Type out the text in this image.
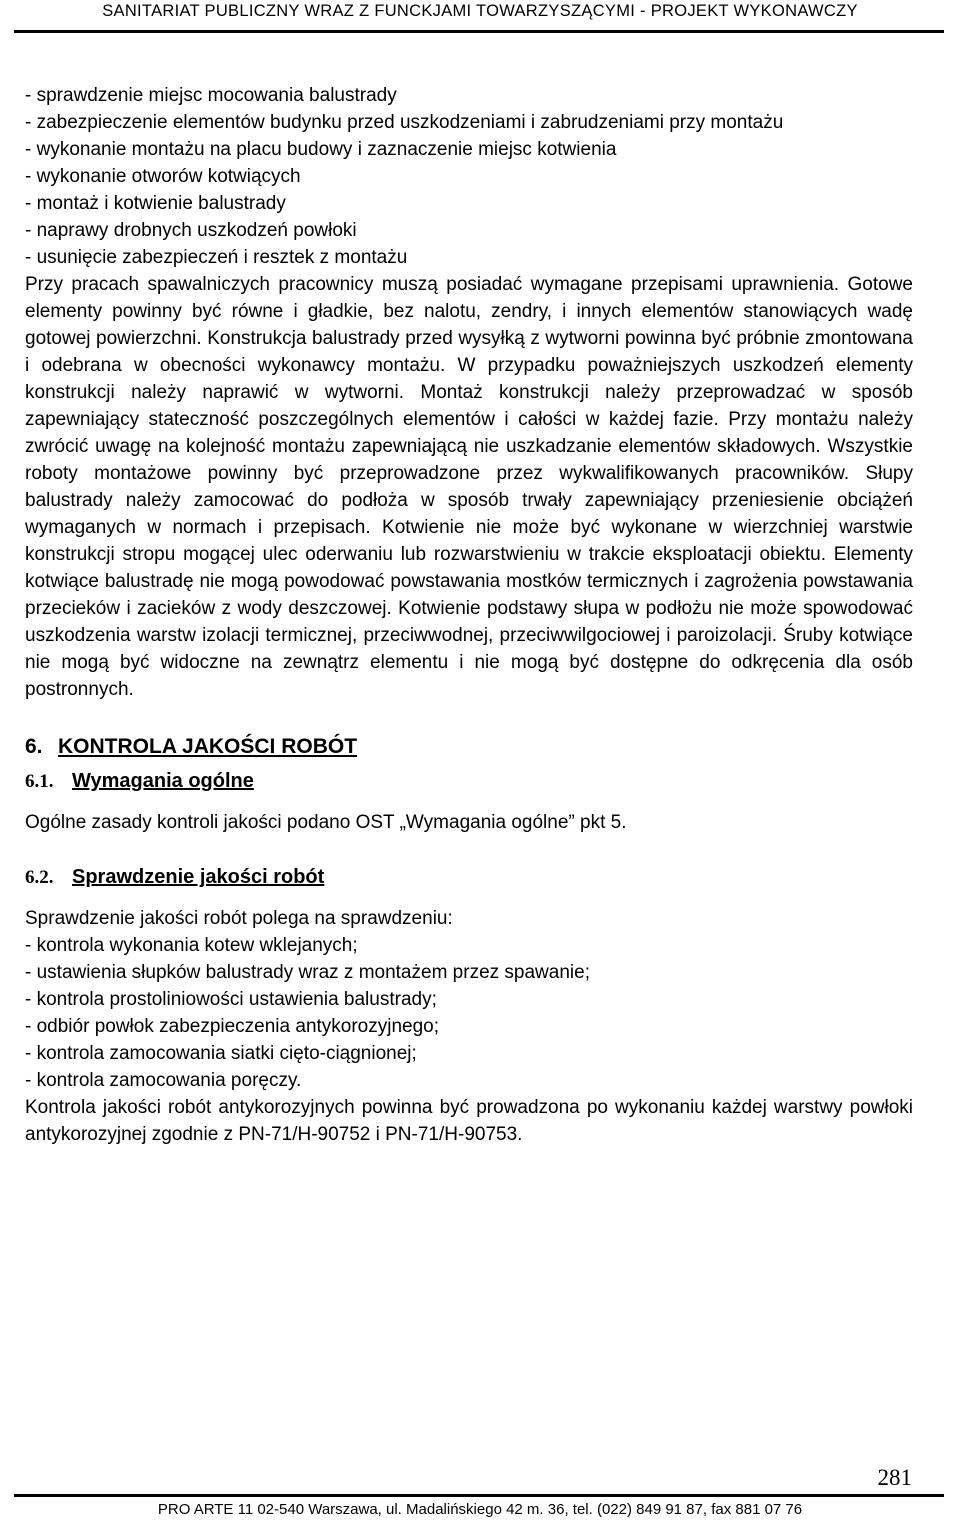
SANITARIAT PUBLICZNY WRAZ Z FUNCKJAMI TOWARZYSZĄCYMI - PROJEKT WYKONAWCZY

- sprawdzenie miejsc mocowania balustrady

- zabezpieczenie elementów budynku przed uszkodzeniami i zabrudzeniami przy montażu

- wykonanie montażu na placu budowy i zaznaczenie miejsc kotwienia

- wykonanie otworów kotwiących

- montaż i kotwienie balustrady

- naprawy drobnych uszkodzeń powłoki

- usunięcie zabezpieczeń i resztek z montażu

Przy pracach spawalniczych pracownicy muszą posiadać wymagane przepisami uprawnienia. Gotowe elementy powinny być równe i gładkie, bez nalotu, zendry, i innych elementów stanowiących wadę gotowej powierzchni. Konstrukcja balustrady przed wysyłką z wytworni powinna być próbnie zmontowana i odebrana w obecności wykonawcy montażu. W przypadku poważniejszych uszkodzeń elementy konstrukcji należy naprawić w wytworni. Montaż konstrukcji należy przeprowadzać w sposób zapewniający stateczność poszczególnych elementów i całości w każdej fazie. Przy montażu należy zwrócić uwagę na kolejność montażu zapewniającą nie uszkadzanie elementów składowych. Wszystkie roboty montażowe powinny być przeprowadzone przez wykwalifikowanych pracowników. Słupy balustrady należy zamocować do podłoża w sposób trwały zapewniający przeniesienie obciążeń wymaganych w normach i przepisach. Kotwienie nie może być wykonane w wierzchniej warstwie konstrukcji stropu mogącej ulec oderwaniu lub rozwarstwieniu w trakcie eksploatacji obiektu. Elementy kotwiące balustradę nie mogą powodować powstawania mostków termicznych i zagrożenia powstawania przecieków i zacieków z wody deszczowej. Kotwienie podstawy słupa w podłożu nie może spowodować uszkodzenia warstw izolacji termicznej, przeciwwodnej, przeciwwilgociowej i paroizolacji. Śruby kotwiące nie mogą być widoczne na zewnątrz elementu i nie mogą być dostępne do odkręcenia dla osób postronnych.

6. KONTROLA JAKOŚCI ROBÓT
6.1. Wymagania ogólne

Ogólne zasady kontroli jakości podano OST „Wymagania ogólne” pkt 5.

6.2. Sprawdzenie jakości robót

Sprawdzenie jakości robót polega na sprawdzeniu:

- kontrola wykonania kotew wklejanych;

- ustawienia słupków balustrady wraz z montażem przez spawanie;

- kontrola prostoliniowości ustawienia balustrady;

- odbiór powłok zabezpieczenia antykorozyjnego;

- kontrola zamocowania siatki cięto-ciągnionej;

- kontrola zamocowania poręczy.

Kontrola jakości robót antykorozyjnych powinna być prowadzona po wykonaniu każdej warstwy powłoki antykorozyjnej zgodnie z PN-71/H-90752 i PN-71/H-90753.

281
PRO ARTE 11 02-540 Warszawa, ul. Madalińskiego 42 m. 36, tel. (022) 849 91 87, fax 881 07 76
